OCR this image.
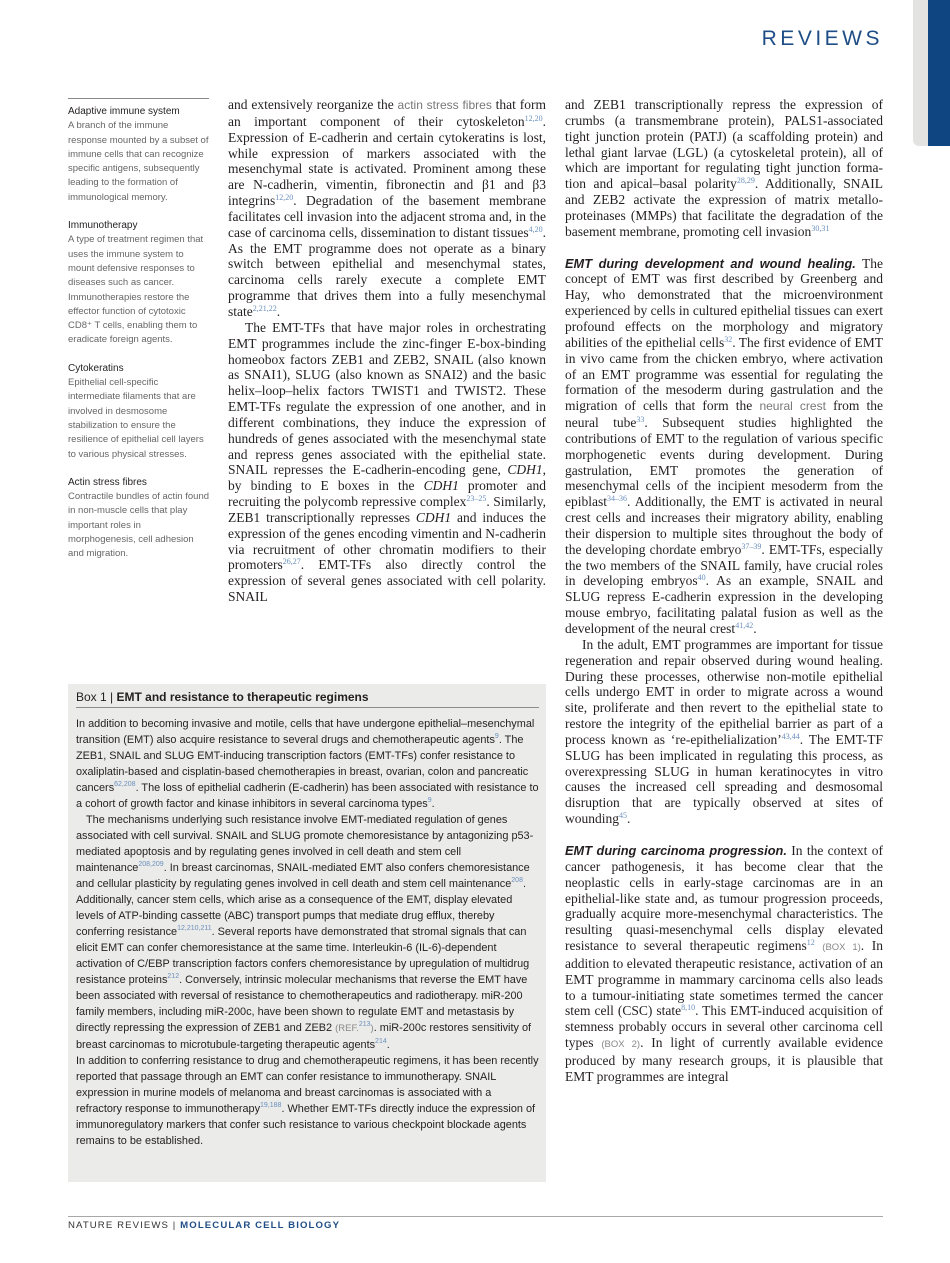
REVIEWS
Adaptive immune system
A branch of the immune response mounted by a subset of immune cells that can recognize specific antigens, subsequently leading to the formation of immunological memory.
Immunotherapy
A type of treatment regimen that uses the immune system to mount defensive responses to diseases such as cancer. Immunotherapies restore the effector function of cytotoxic CD8⁺ T cells, enabling them to eradicate foreign agents.
Cytokeratins
Epithelial cell-specific intermediate filaments that are involved in desmosome stabilization to ensure the resilience of epithelial cell layers to various physical stresses.
Actin stress fibres
Contractile bundles of actin found in non-muscle cells that play important roles in morphogenesis, cell adhesion and migration.

and extensively reorganize the actin stress fibres that form an important component of their cytoskeleton$^{12,20}$. Expression of E-cadherin and certain cytokeratins is lost, while expression of markers associated with the mesenchymal state is activated. Prominent among these are N-cadherin, vimentin, fibronectin and β1 and β3 integrins$^{12,20}$. Degradation of the basement membrane facilitates cell invasion into the adjacent stroma and, in the case of carcinoma cells, dissemination to distant tissues$^{4,20}$. As the EMT programme does not operate as a binary switch between epithelial and mesenchymal states, carcinoma cells rarely execute a complete EMT programme that drives them into a fully mesenchymal state$^{2,21,22}$.

The EMT-TFs that have major roles in orchestrating EMT programmes include the zinc-finger E-box-binding homeobox factors ZEB1 and ZEB2, SNAIL (also known as SNAI1), SLUG (also known as SNAI2) and the basic helix–loop–helix factors TWIST1 and TWIST2. These EMT-TFs regulate the expression of one another, and in different combinations, they induce the expression of hundreds of genes associated with the mesenchymal state and repress genes associated with the epithelial state. SNAIL represses the E-cadherin-encoding gene, CDH1, by binding to E boxes in the CDH1 promoter and recruiting the polycomb repressive complex$^{23-25}$. Similarly, ZEB1 transcriptionally represses CDH1 and induces the expression of the genes encoding vimentin and N-cadherin via recruitment of other chromatin modifiers to their promoters$^{26,27}$. EMT-TFs also directly control the expression of several genes associated with cell polarity. SNAIL

and ZEB1 transcriptionally repress the expression of crumbs (a transmembrane protein), PALS1-associated tight junction protein (PATJ) (a scaffolding protein) and lethal giant larvae (LGL) (a cytoskeletal protein), all of which are important for regulating tight junction formation and apical–basal polarity$^{28,29}$. Additionally, SNAIL and ZEB2 activate the expression of matrix metalloproteinases (MMPs) that facilitate the degradation of the basement membrane, promoting cell invasion$^{30,31}$

EMT during development and wound healing. The concept of EMT was first described by Greenberg and Hay, who demonstrated that the microenvironment experienced by cells in cultured epithelial tissues can exert profound effects on the morphology and migratory abilities of the epithelial cells$^{32}$. The first evidence of EMT in vivo came from the chicken embryo, where activation of an EMT programme was essential for regulating the formation of the mesoderm during gastrulation and the migration of cells that form the neural crest from the neural tube$^{33}$. Subsequent studies highlighted the contributions of EMT to the regulation of various specific morphogenetic events during development. During gastrulation, EMT promotes the generation of mesenchymal cells of the incipient mesoderm from the epiblast$^{34-36}$. Additionally, the EMT is activated in neural crest cells and increases their migratory ability, enabling their dispersion to multiple sites throughout the body of the developing chordate embryo$^{37-39}$. EMT-TFs, especially the two members of the SNAIL family, have crucial roles in developing embryos$^{40}$. As an example, SNAIL and SLUG repress E-cadherin expression in the developing mouse embryo, facilitating palatal fusion as well as the development of the neural crest$^{41,42}$.

In the adult, EMT programmes are important for tissue regeneration and repair observed during wound healing. During these processes, otherwise non-motile epithelial cells undergo EMT in order to migrate across a wound site, proliferate and then revert to the epithelial state to restore the integrity of the epithelial barrier as part of a process known as ‘re-epithelialization’$^{43,44}$. The EMT-TF SLUG has been implicated in regulating this process, as overexpressing SLUG in human keratinocytes in vitro causes the increased cell spreading and desmosomal disruption that are typically observed at sites of wounding$^{45}$.

EMT during carcinoma progression. In the context of cancer pathogenesis, it has become clear that the neoplastic cells in early-stage carcinomas are in an epithelial-like state and, as tumour progression proceeds, gradually acquire more-mesenchymal characteristics. The resulting quasi-mesenchymal cells display elevated resistance to several therapeutic regimens$^{12}$ (BOX 1). In addition to elevated therapeutic resistance, activation of an EMT programme in mammary carcinoma cells also leads to a tumour-initiating state sometimes termed the cancer stem cell (CSC) state$^{8,10}$. This EMT-induced acquisition of stemness probably occurs in several other carcinoma cell types (BOX 2). In light of currently available evidence produced by many research groups, it is plausible that EMT programmes are integral

Box 1 | EMT and resistance to therapeutic regimens

In addition to becoming invasive and motile, cells that have undergone epithelial–mesenchymal transition (EMT) also acquire resistance to several drugs and chemotherapeutic agents$^9$. The ZEB1, SNAIL and SLUG EMT-inducing transcription factors (EMT-TFs) confer resistance to oxaliplatin-based and cisplatin-based chemotherapies in breast, ovarian, colon and pancreatic cancers$^{62,208}$. The loss of epithelial cadherin (E-cadherin) has been associated with resistance to a cohort of growth factor and kinase inhibitors in several carcinoma types$^9$.

The mechanisms underlying such resistance involve EMT-mediated regulation of genes associated with cell survival. SNAIL and SLUG promote chemoresistance by antagonizing p53-mediated apoptosis and by regulating genes involved in cell death and stem cell maintenance$^{208,209}$. In breast carcinomas, SNAIL-mediated EMT also confers chemoresistance and cellular plasticity by regulating genes involved in cell death and stem cell maintenance$^{208}$. Additionally, cancer stem cells, which arise as a consequence of the EMT, display elevated levels of ATP-binding cassette (ABC) transport pumps that mediate drug efflux, thereby conferring resistance$^{12,210,211}$. Several reports have demonstrated that stromal signals that can elicit EMT can confer chemoresistance at the same time. Interleukin-6 (IL-6)-dependent activation of C/EBP transcription factors confers chemoresistance by upregulation of multidrug resistance proteins$^{212}$. Conversely, intrinsic molecular mechanisms that reverse the EMT have been associated with reversal of resistance to chemotherapeutics and radiotherapy. miR-200 family members, including miR-200c, have been shown to regulate EMT and metastasis by directly repressing the expression of ZEB1 and ZEB2 (REF.$^{213}$). miR-200c restores sensitivity of breast carcinomas to microtubule-targeting therapeutic agents$^{214}$.

In addition to conferring resistance to drug and chemotherapeutic regimens, it has been recently reported that passage through an EMT can confer resistance to immunotherapy. SNAIL expression in murine models of melanoma and breast carcinomas is associated with a refractory response to immunotherapy$^{19,188}$. Whether EMT-TFs directly induce the expression of immunoregulatory markers that confer such resistance to various checkpoint blockade agents remains to be established.

NATURE REVIEWS | MOLECULAR CELL BIOLOGY
